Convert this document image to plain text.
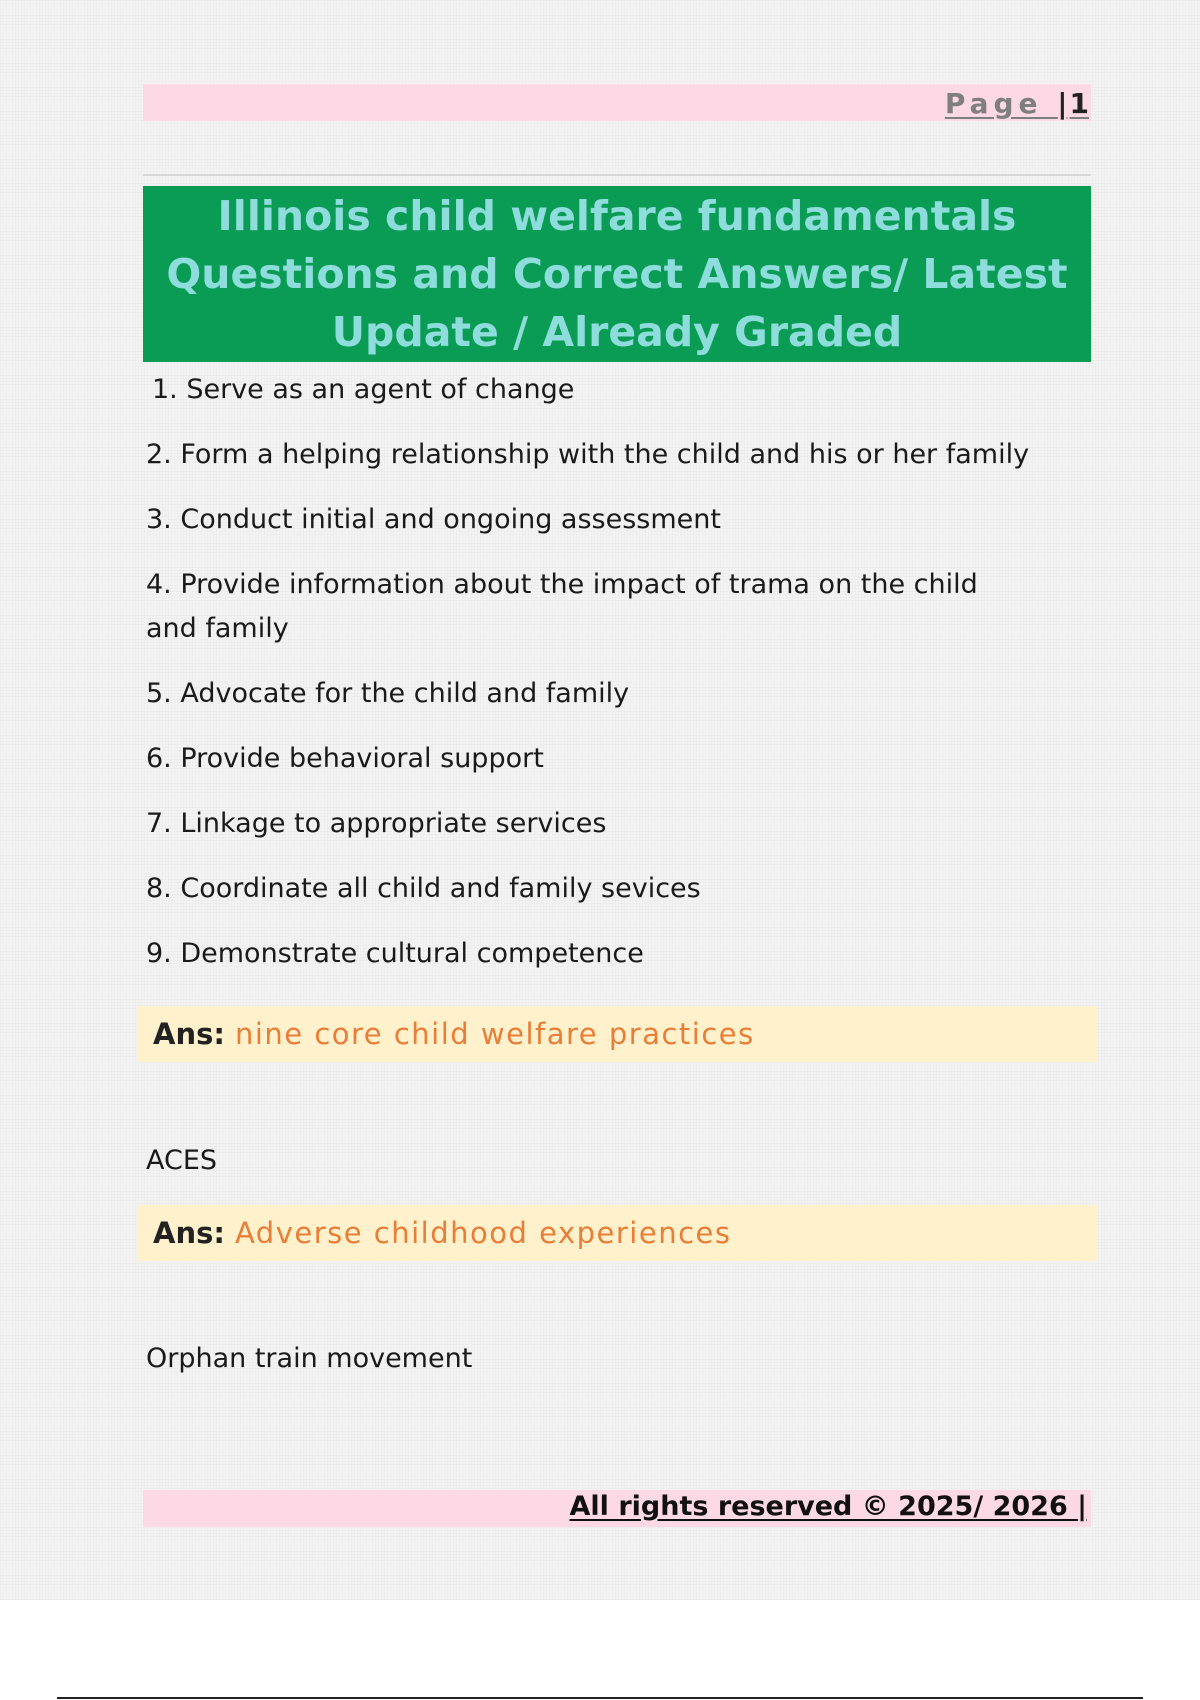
Page |1
Illinois child welfare fundamentals Questions and Correct Answers/ Latest Update / Already Graded

1. Serve as an agent of change

2. Form a helping relationship with the child and his or her family

3. Conduct initial and ongoing assessment

4. Provide information about the impact of trama on the child and family

5. Advocate for the child and family

6. Provide behavioral support

7. Linkage to appropriate services

8. Coordinate all child and family sevices

9. Demonstrate cultural competence

Ans: nine core child welfare practices
ACES
Ans: Adverse childhood experiences
Orphan train movement
All rights reserved © 2025/ 2026 |
